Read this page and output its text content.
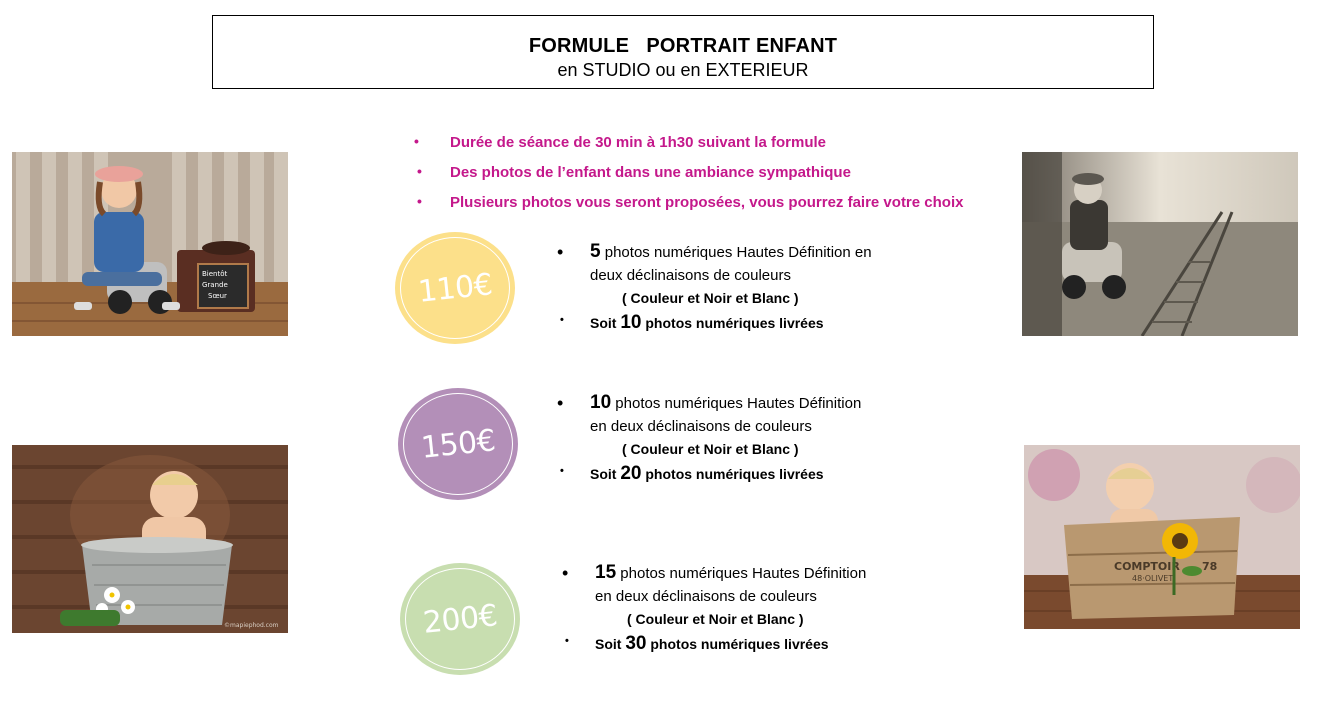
FORMULE   PORTRAIT ENFANT
en STUDIO ou en EXTERIEUR
• Durée de séance de 30 min à 1h30 suivant la formule
• Des photos de l’enfant dans une ambiance sympathique
• Plusieurs photos vous seront proposées, vous pourrez faire votre choix
Bientôt
Grande
Sœur
©mapiephod.com
COMPTOIR 78
48·OLIVET
110€
• 5 photos numériques Hautes Définition en
deux déclinaisons de couleurs
( Couleur et Noir et Blanc )
• Soit 10 photos numériques livrées
150€
• 10 photos numériques Hautes Définition
en deux déclinaisons de couleurs
( Couleur et Noir et Blanc )
• Soit 20 photos numériques livrées
200€
• 15 photos numériques Hautes Définition
en deux déclinaisons de couleurs
( Couleur et Noir et Blanc )
• Soit 30 photos numériques livrées
